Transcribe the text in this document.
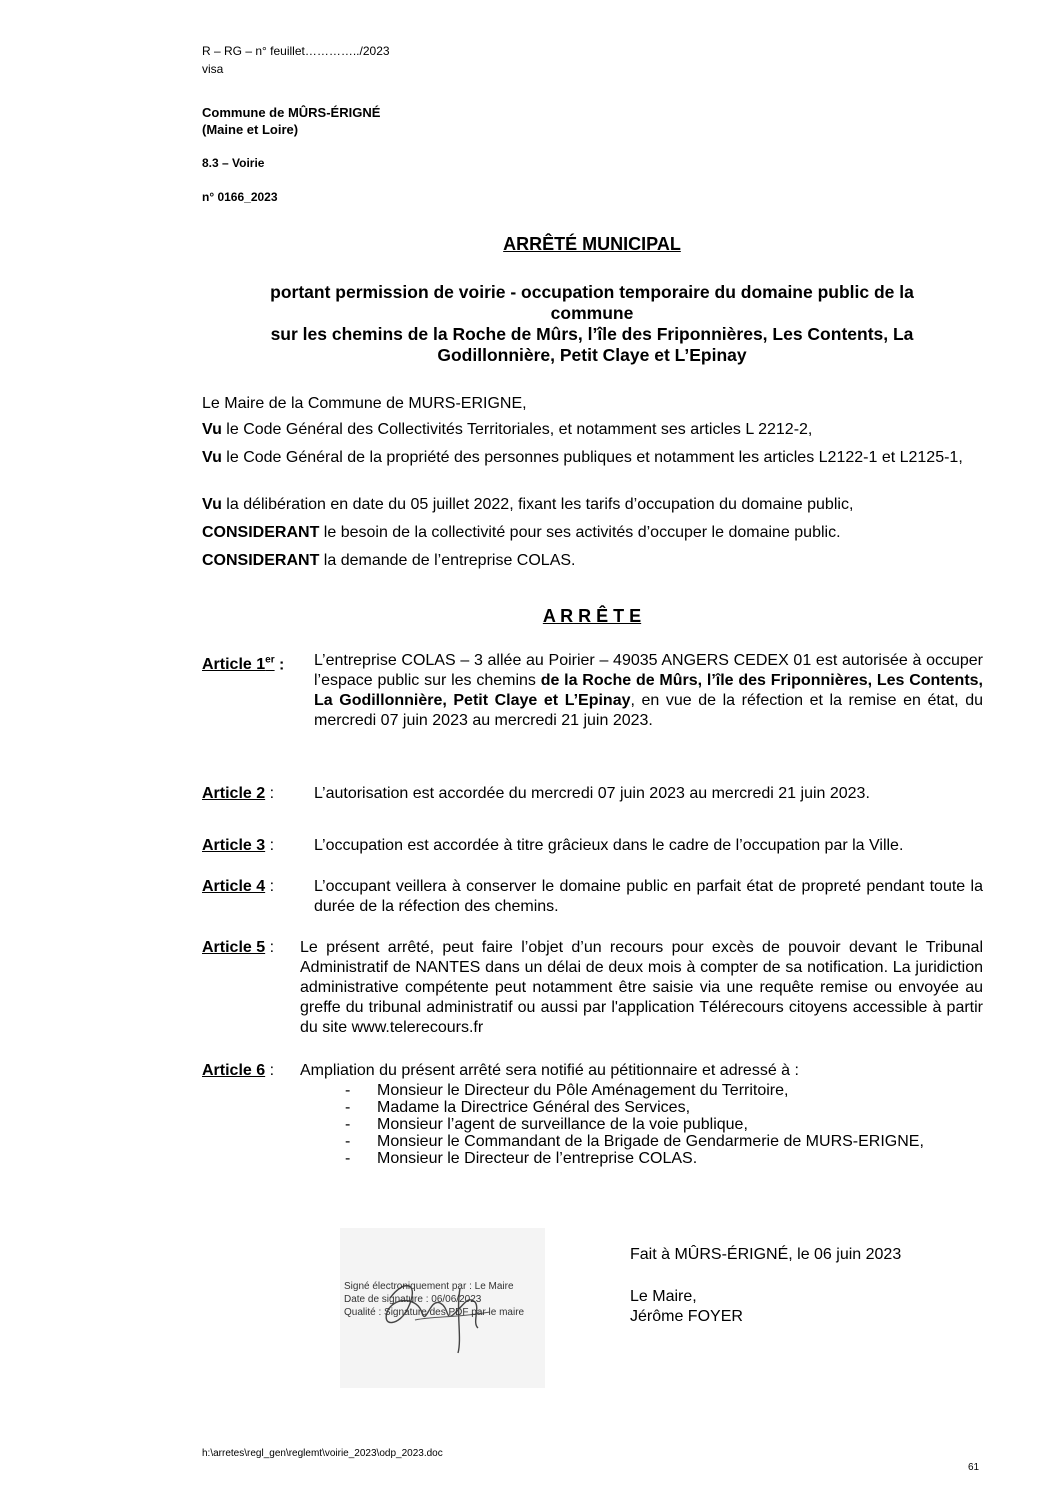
R – RG – n° feuillet…………../2023
visa
Commune de MÛRS-ÉRIGNÉ
(Maine et Loire)
8.3 – Voirie
n° 0166_2023
ARRÊTÉ MUNICIPAL
portant permission de voirie - occupation temporaire du domaine public de la
commune
sur les chemins de la Roche de Mûrs, l’île des Friponnières, Les Contents, La
Godillonnière, Petit Claye et L’Epinay
Le Maire de la Commune de MURS-ERIGNE,
Vu le Code Général des Collectivités Territoriales, et notamment ses articles L 2212-2,
Vu le Code Général de la propriété des personnes publiques et notamment les articles L2122-1 et L2125-1,
Vu la délibération en date du 05 juillet 2022, fixant les tarifs d’occupation du domaine public,
CONSIDERANT le besoin de la collectivité pour ses activités d’occuper le domaine public.
CONSIDERANT la demande de l’entreprise COLAS.
A R R Ê T E
Article 1er : L’entreprise COLAS – 3 allée au Poirier – 49035 ANGERS CEDEX 01 est autorisée à occuper l’espace public sur les chemins de la Roche de Mûrs, l’île des Friponnières, Les Contents, La Godillonnière, Petit Claye et L’Epinay, en vue de la réfection et la remise en état, du mercredi 07 juin 2023 au mercredi 21 juin 2023.
Article 2 : L’autorisation est accordée du mercredi 07 juin 2023 au mercredi 21 juin 2023.
Article 3 : L’occupation est accordée à titre grâcieux dans le cadre de l’occupation par la Ville.
Article 4 : L’occupant veillera à conserver le domaine public en parfait état de propreté pendant toute la durée de la réfection des chemins.
Article 5 : Le présent arrêté, peut faire l’objet d’un recours pour excès de pouvoir devant le Tribunal Administratif de NANTES dans un délai de deux mois à compter de sa notification. La juridiction administrative compétente peut notamment être saisie via une requête remise ou envoyée au greffe du tribunal administratif ou aussi par l'application Télérecours citoyens accessible à partir du site www.telerecours.fr
Article 6 : Ampliation du présent arrêté sera notifié au pétitionnaire et adressé à :
- Monsieur le Directeur du Pôle Aménagement du Territoire,
- Madame la Directrice Général des Services,
- Monsieur l’agent de surveillance de la voie publique,
- Monsieur le Commandant de la Brigade de Gendarmerie de MURS-ERIGNE,
- Monsieur le Directeur de l’entreprise COLAS.
Signé électroniquement par : Le Maire
Date de signature : 06/06/2023
Qualité : Signature des PDF par le maire
Fait à MÛRS-ÉRIGNÉ, le 06 juin 2023
Le Maire,
Jérôme FOYER
h:\arretes\regl_gen\reglemt\voirie_2023\odp_2023.doc
61
